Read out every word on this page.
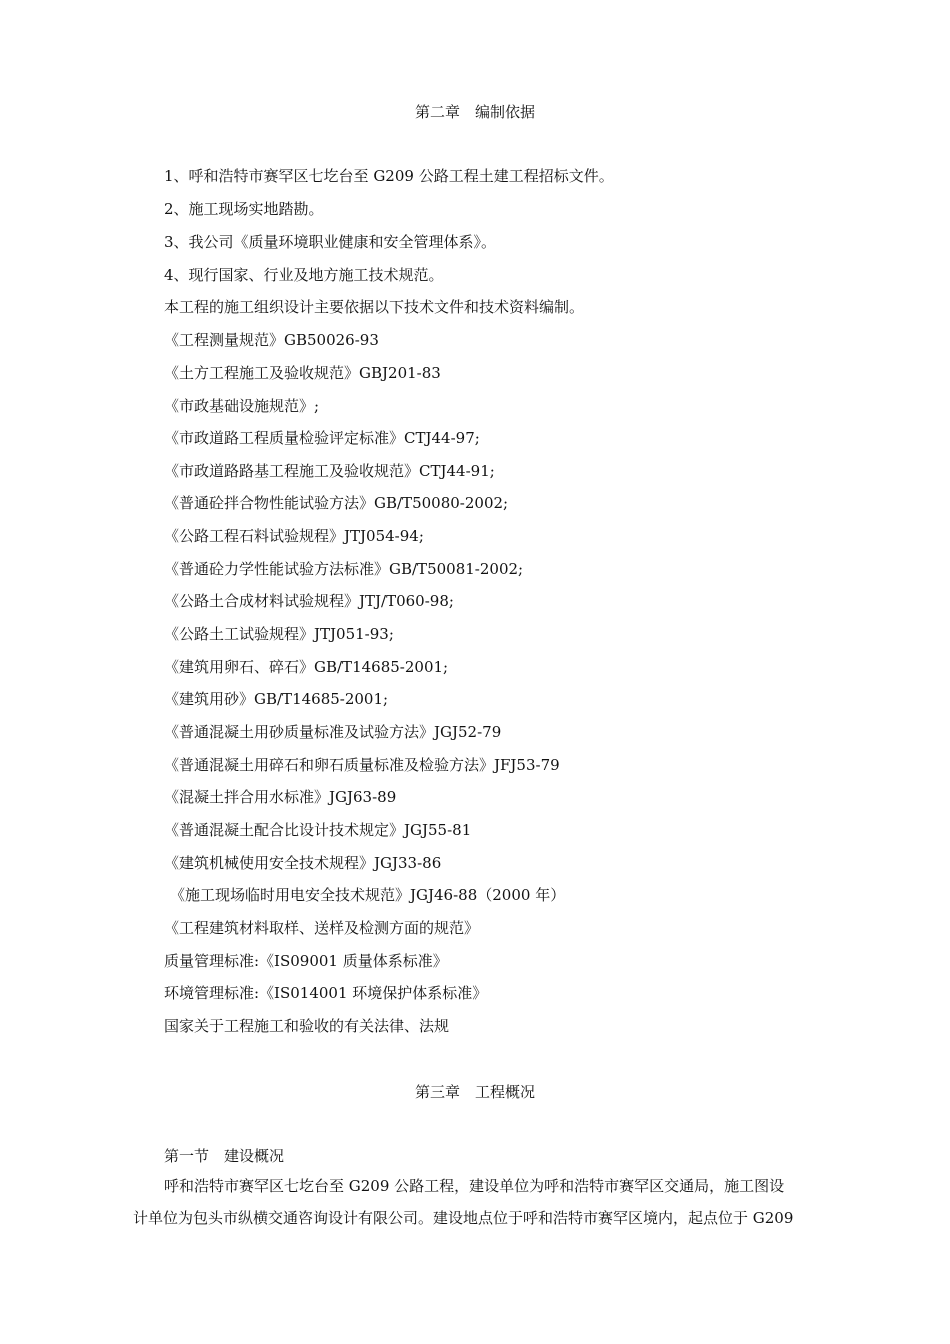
第二章　编制依据
1、呼和浩特市赛罕区七圪台至 G209 公路工程土建工程招标文件。
2、施工现场实地踏勘。
3、我公司《质量环境职业健康和安全管理体系》。
4、现行国家、行业及地方施工技术规范。
本工程的施工组织设计主要依据以下技术文件和技术资料编制。
《工程测量规范》GB50026-93
《土方工程施工及验收规范》GBJ201-83
《市政基础设施规范》;
《市政道路工程质量检验评定标准》CTJ44-97;
《市政道路路基工程施工及验收规范》CTJ44-91;
《普通砼拌合物性能试验方法》GB/T50080-2002;
《公路工程石料试验规程》JTJ054-94;
《普通砼力学性能试验方法标准》GB/T50081-2002;
《公路土合成材料试验规程》JTJ/T060-98;
《公路土工试验规程》JTJ051-93;
《建筑用卵石、碎石》GB/T14685-2001;
《建筑用砂》GB/T14685-2001;
《普通混凝土用砂质量标准及试验方法》JGJ52-79
《普通混凝土用碎石和卵石质量标准及检验方法》JFJ53-79
《混凝土拌合用水标准》JGJ63-89
《普通混凝土配合比设计技术规定》JGJ55-81
《建筑机械使用安全技术规程》JGJ33-86
《施工现场临时用电安全技术规范》JGJ46-88（2000 年）
《工程建筑材料取样、送样及检测方面的规范》
质量管理标准:《IS09001 质量体系标准》
环境管理标准:《IS014001 环境保护体系标准》
国家关于工程施工和验收的有关法律、法规
第三章　工程概况
第一节　建设概况
呼和浩特市赛罕区七圪台至 G209 公路工程，建设单位为呼和浩特市赛罕区交通局，施工图设
计单位为包头市纵横交通咨询设计有限公司。建设地点位于呼和浩特市赛罕区境内，起点位于 G209
